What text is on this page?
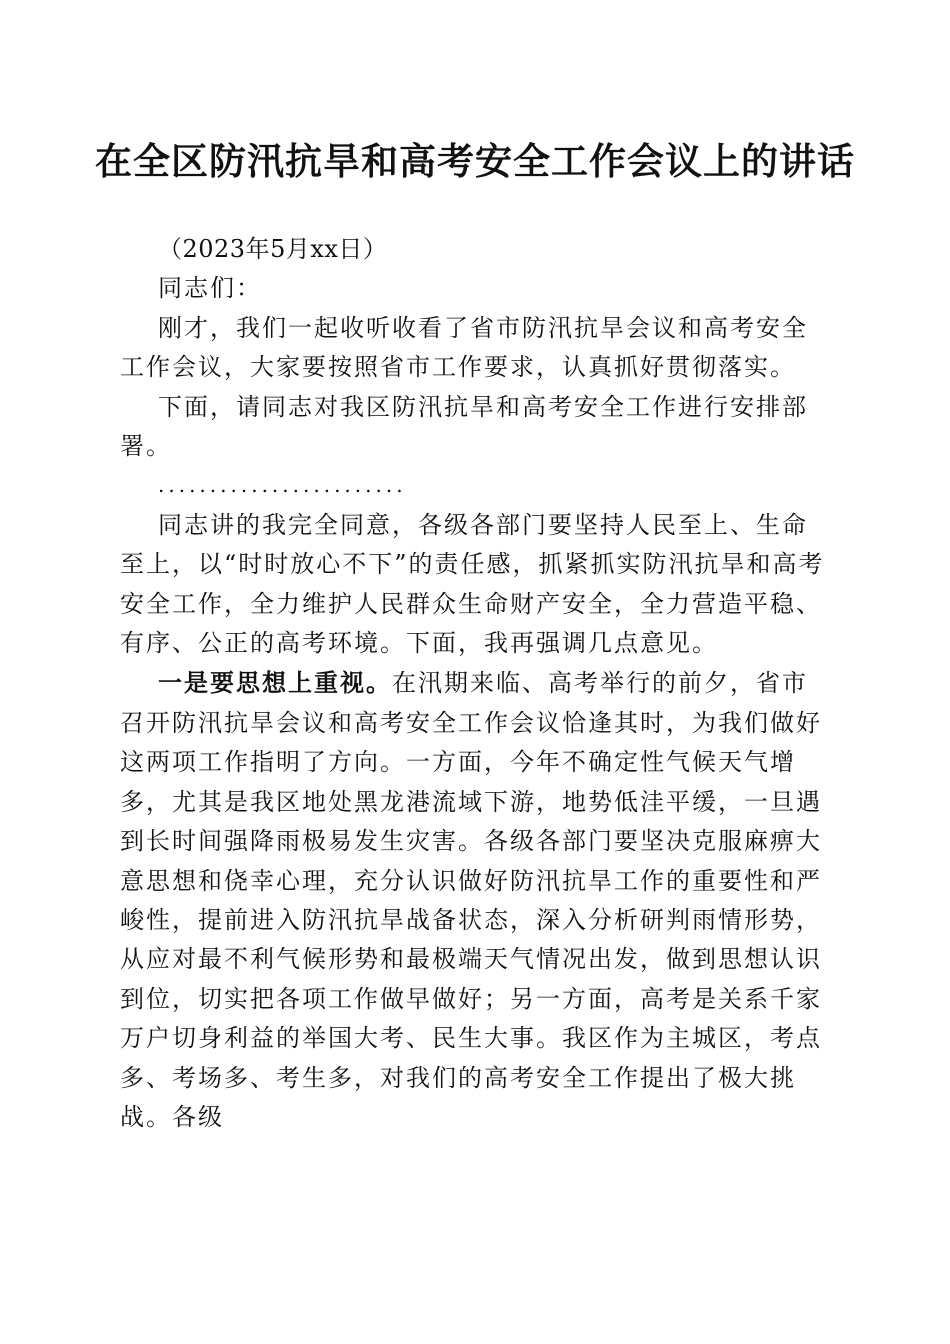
在全区防汛抗旱和高考安全工作会议上的讲话

（2023年5月xx日）

同志们：

刚才，我们一起收听收看了省市防汛抗旱会议和高考安全工作会议，大家要按照省市工作要求，认真抓好贯彻落实。

下面，请同志对我区防汛抗旱和高考安全工作进行安排部署。

........................

同志讲的我完全同意，各级各部门要坚持人民至上、生命至上，以“时时放心不下”的责任感，抓紧抓实防汛抗旱和高考安全工作，全力维护人民群众生命财产安全，全力营造平稳、有序、公正的高考环境。下面，我再强调几点意见。

一是要思想上重视。在汛期来临、高考举行的前夕，省市召开防汛抗旱会议和高考安全工作会议恰逢其时，为我们做好这两项工作指明了方向。一方面，今年不确定性气候天气增多，尤其是我区地处黑龙港流域下游，地势低洼平缓，一旦遇到长时间强降雨极易发生灾害。各级各部门要坚决克服麻痹大意思想和侥幸心理，充分认识做好防汛抗旱工作的重要性和严峻性，提前进入防汛抗旱战备状态，深入分析研判雨情形势，从应对最不利气候形势和最极端天气情况出发，做到思想认识到位，切实把各项工作做早做好；另一方面，高考是关系千家万户切身利益的举国大考、民生大事。我区作为主城区，考点多、考场多、考生多，对我们的高考安全工作提出了极大挑战。各级
